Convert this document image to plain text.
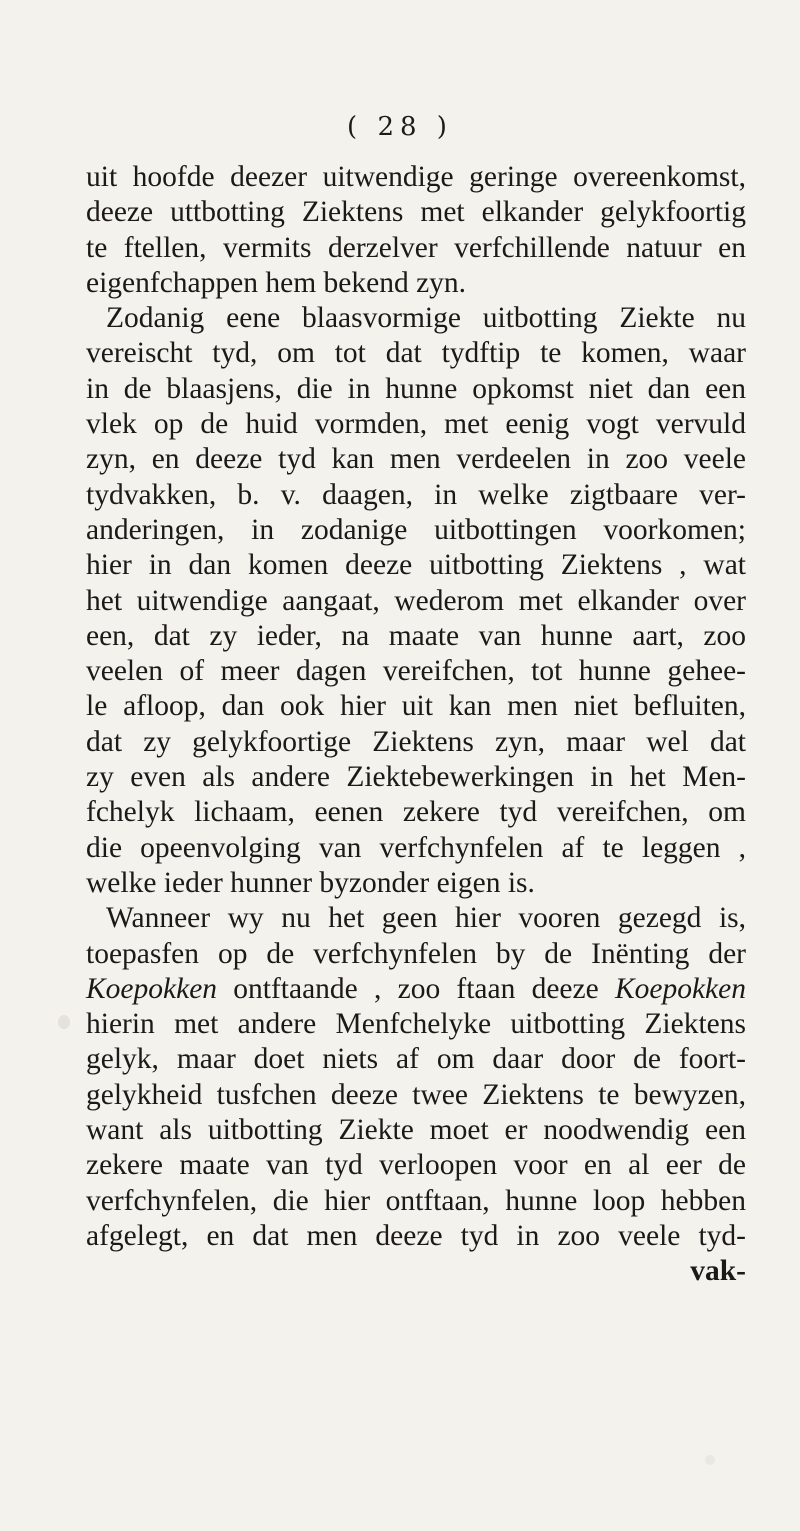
( 28 )
uit hoofde deezer uitwendige geringe overeenkomst,
deeze uttbotting Ziektens met elkander gelykfoortig
te ftellen, vermits derzelver verfchillende natuur en
eigenfchappen hem bekend zyn.
Zodanig eene blaasvormige uitbotting Ziekte nu
vereischt tyd, om tot dat tydftip te komen, waar
in de blaasjens, die in hunne opkomst niet dan een
vlek op de huid vormden, met eenig vogt vervuld
zyn, en deeze tyd kan men verdeelen in zoo veele
tydvakken, b. v. daagen, in welke zigtbaare ver-
anderingen, in zodanige uitbottingen voorkomen;
hier in dan komen deeze uitbotting Ziektens , wat
het uitwendige aangaat, wederom met elkander over
een, dat zy ieder, na maate van hunne aart, zoo
veelen of meer dagen vereifchen, tot hunne gehee-
le afloop, dan ook hier uit kan men niet befluiten,
dat zy gelykfoortige Ziektens zyn, maar wel dat
zy even als andere Ziektebewerkingen in het Men-
fchelyk lichaam, eenen zekere tyd vereifchen, om
die opeenvolging van verfchynfelen af te leggen ,
welke ieder hunner byzonder eigen is.
Wanneer wy nu het geen hier vooren gezegd is,
toepasfen op de verfchynfelen by de Inënting der
Koepokken ontftaande , zoo ftaan deeze Koepokken
hierin met andere Menfchelyke uitbotting Ziektens
gelyk, maar doet niets af om daar door de foort-
gelykheid tusfchen deeze twee Ziektens te bewyzen,
want als uitbotting Ziekte moet er noodwendig een
zekere maate van tyd verloopen voor en al eer de
verfchynfelen, die hier ontftaan, hunne loop hebben
afgelegt, en dat men deeze tyd in zoo veele tyd-
vak-
